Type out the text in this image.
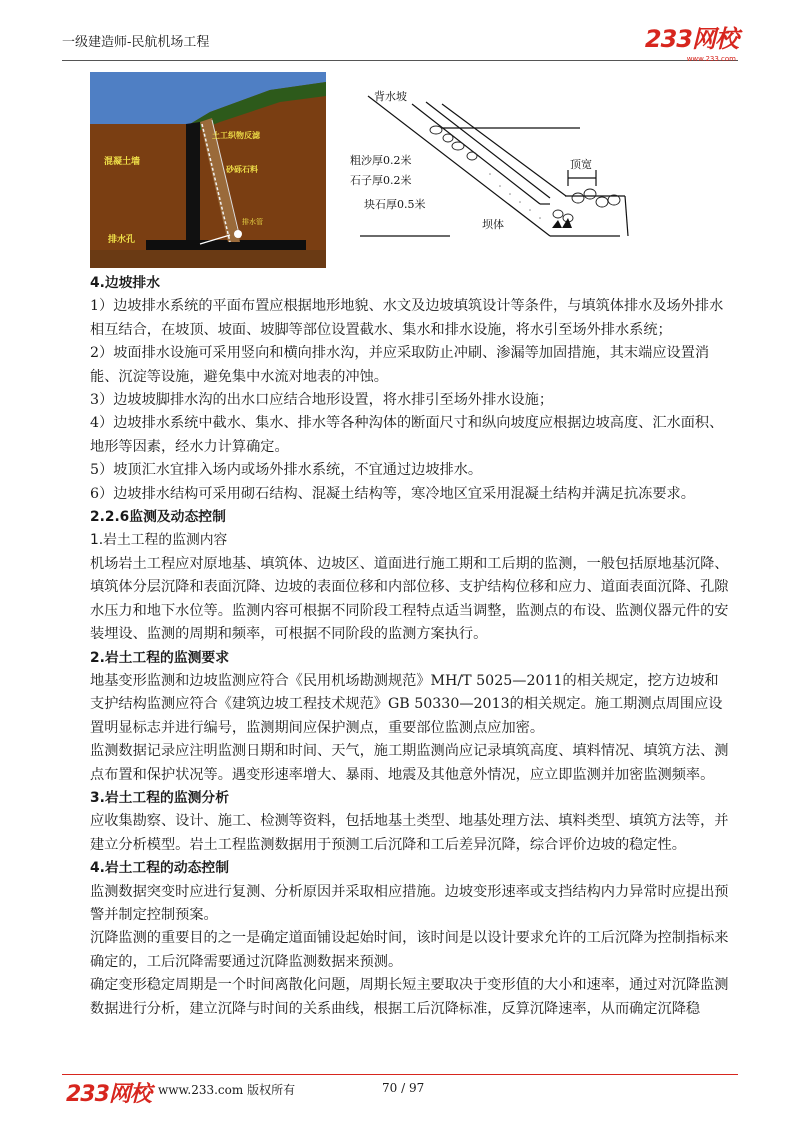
一级建造师-民航机场工程	233网校
www.233.com
混凝土墙
土工织物反滤
砂砾石料
排水管
排水孔
背水坡
粗沙厚0.2米
石子厚0.2米
块石厚0.5米
坝体
顶宽

4.边坡排水

1）边坡排水系统的平面布置应根据地形地貌、水文及边坡填筑设计等条件，与填筑体排水及场外排水相互结合，在坡顶、坡面、坡脚等部位设置截水、集水和排水设施，将水引至场外排水系统；

2）坡面排水设施可采用竖向和横向排水沟，并应采取防止冲刷、渗漏等加固措施，其末端应设置消能、沉淀等设施，避免集中水流对地表的冲蚀。

3）边坡坡脚排水沟的出水口应结合地形设置，将水排引至场外排水设施；

4）边坡排水系统中截水、集水、排水等各种沟体的断面尺寸和纵向坡度应根据边坡高度、汇水面积、地形等因素，经水力计算确定。

5）坡顶汇水宜排入场内或场外排水系统，不宜通过边坡排水。

6）边坡排水结构可采用砌石结构、混凝土结构等，寒冷地区宜采用混凝土结构并满足抗冻要求。

2.2.6监测及动态控制

1.岩土工程的监测内容

机场岩土工程应对原地基、填筑体、边坡区、道面进行施工期和工后期的监测，一般包括原地基沉降、填筑体分层沉降和表面沉降、边坡的表面位移和内部位移、支护结构位移和应力、道面表面沉降、孔隙水压力和地下水位等。监测内容可根据不同阶段工程特点适当调整，监测点的布设、监测仪器元件的安装埋设、监测的周期和频率，可根据不同阶段的监测方案执行。

2.岩土工程的监测要求

地基变形监测和边坡监测应符合《民用机场勘测规范》MH/T 5025—2011的相关规定，挖方边坡和支护结构监测应符合《建筑边坡工程技术规范》GB 50330—2013的相关规定。施工期测点周围应设置明显标志并进行编号，监测期间应保护测点，重要部位监测点应加密。

监测数据记录应注明监测日期和时间、天气，施工期监测尚应记录填筑高度、填料情况、填筑方法、测点布置和保护状况等。遇变形速率增大、暴雨、地震及其他意外情况，应立即监测并加密监测频率。

3.岩土工程的监测分析

应收集勘察、设计、施工、检测等资料，包括地基土类型、地基处理方法、填料类型、填筑方法等，并建立分析模型。岩土工程监测数据用于预测工后沉降和工后差异沉降，综合评价边坡的稳定性。

4.岩土工程的动态控制

监测数据突变时应进行复测、分析原因并采取相应措施。边坡变形速率或支挡结构内力异常时应提出预警并制定控制预案。

沉降监测的重要目的之一是确定道面铺设起始时间，该时间是以设计要求允许的工后沉降为控制指标来确定的，工后沉降需要通过沉降监测数据来预测。

确定变形稳定周期是一个时间离散化问题，周期长短主要取决于变形值的大小和速率，通过对沉降监测数据进行分析，建立沉降与时间的关系曲线，根据工后沉降标准，反算沉降速率，从而确定沉降稳

233网校 www.233.com 版权所有	70 / 97
